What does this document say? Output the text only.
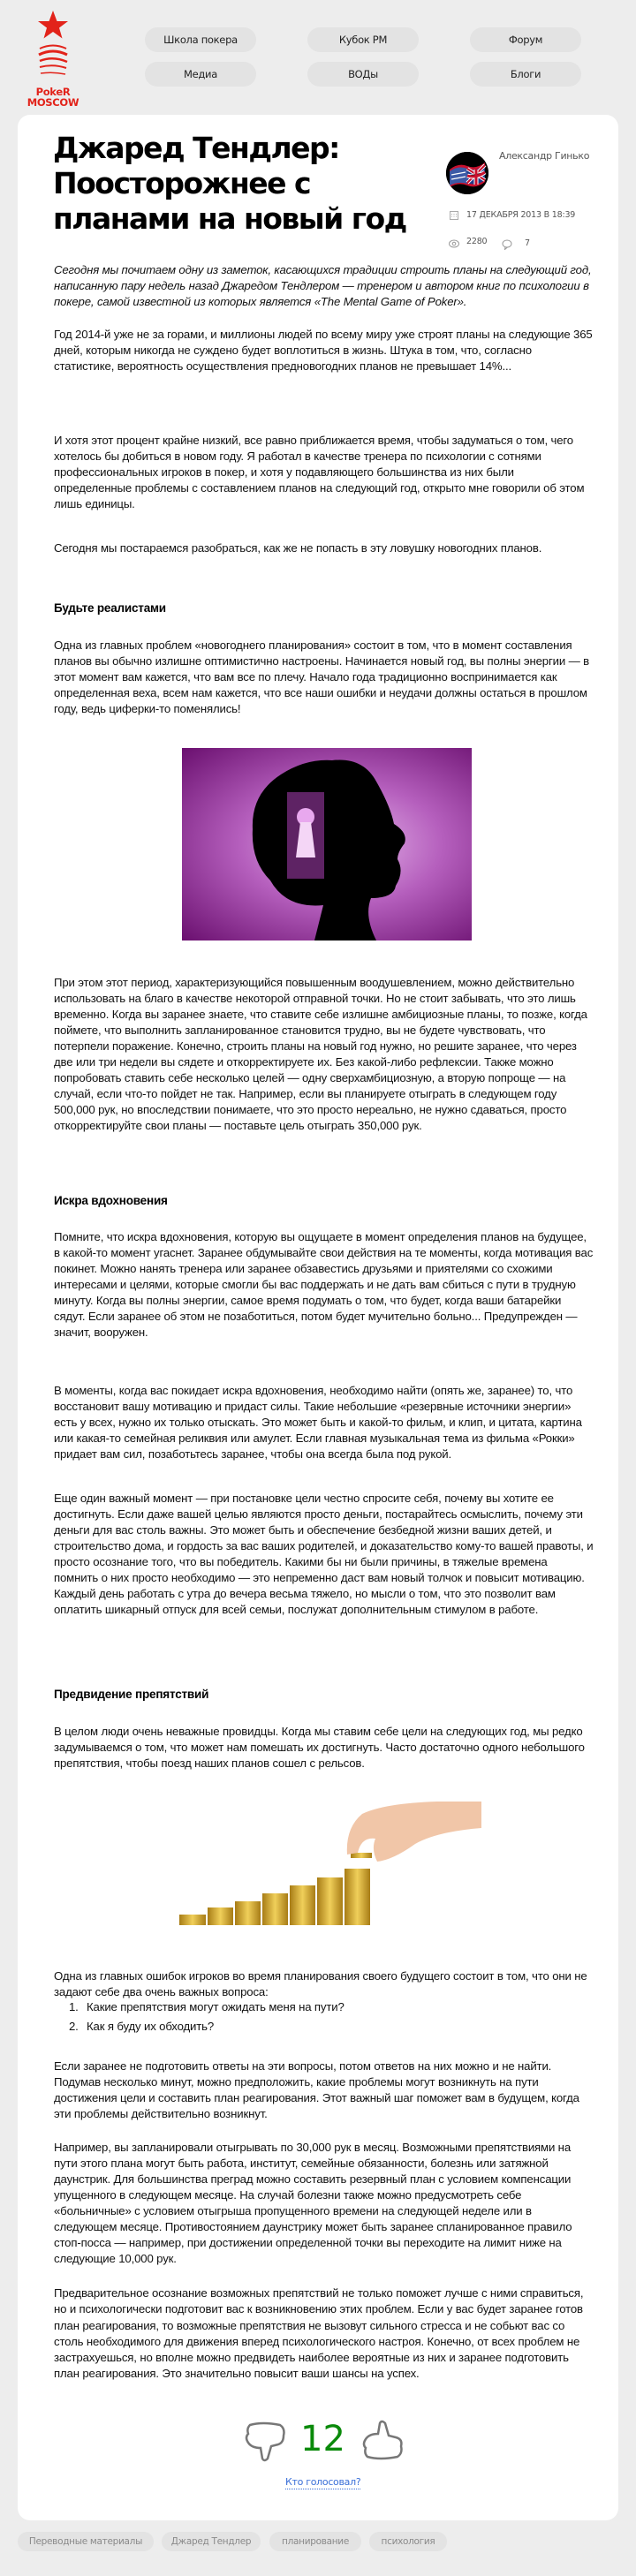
PokeR
MOSCOW
Школа покера	Кубок PM	Форум
Медиа	ВОДы	Блоги
Джаред Тендлер: Поосторожнее с планами на новый год
Александр Гинько
17 ДЕКАБРЯ 2013 В 18:39
2280	7

Сегодня мы почитаем одну из заметок, касающихся традиции строить планы на следующий год, написанную пару недель назад Джаредом Тендлером — тренером и автором книг по психологии в покере, самой известной из которых является «The Mental Game of Poker».

Год 2014-й уже не за горами, и миллионы людей по всему миру уже строят планы на следующие 365 дней, которым никогда не суждено будет воплотиться в жизнь. Штука в том, что, согласно статистике, вероятность осуществления предновогодних планов не превышает 14%...

И хотя этот процент крайне низкий, все равно приближается время, чтобы задуматься о том, чего хотелось бы добиться в новом году. Я работал в качестве тренера по психологии с сотнями профессиональных игроков в покер, и хотя у подавляющего большинства из них были определенные проблемы с составлением планов на следующий год, открыто мне говорили об этом лишь единицы.

Сегодня мы постараемся разобраться, как же не попасть в эту ловушку новогодних планов.

Будьте реалистами

Одна из главных проблем «новогоднего планирования» состоит в том, что в момент составления планов вы обычно излишне оптимистично настроены. Начинается новый год, вы полны энергии — в этот момент вам кажется, что вам все по плечу. Начало года традиционно воспринимается как определенная веха, всем нам кажется, что все наши ошибки и неудачи должны остаться в прошлом году, ведь циферки-то поменялись!

При этом этот период, характеризующийся повышенным воодушевлением, можно действительно использовать на благо в качестве некоторой отправной точки. Но не стоит забывать, что это лишь временно. Когда вы заранее знаете, что ставите себе излишне амбициозные планы, то позже, когда поймете, что выполнить запланированное становится трудно, вы не будете чувствовать, что потерпели поражение. Конечно, строить планы на новый год нужно, но решите заранее, что через две или три недели вы сядете и откорректируете их. Без какой-либо рефлексии. Также можно попробовать ставить себе несколько целей — одну сверхамбициозную, а вторую попроще — на случай, если что-то пойдет не так. Например, если вы планируете отыграть в следующем году 500,000 рук, но впоследствии понимаете, что это просто нереально, не нужно сдаваться, просто откорректируйте свои планы — поставьте цель отыграть 350,000 рук.

Искра вдохновения

Помните, что искра вдохновения, которую вы ощущаете в момент определения планов на будущее, в какой-то момент угаснет. Заранее обдумывайте свои действия на те моменты, когда мотивация вас покинет. Можно нанять тренера или заранее обзавестись друзьями и приятелями со схожими интересами и целями, которые смогли бы вас поддержать и не дать вам сбиться с пути в трудную минуту. Когда вы полны энергии, самое время подумать о том, что будет, когда ваши батарейки сядут. Если заранее об этом не позаботиться, потом будет мучительно больно... Предупрежден — значит, вооружен.

В моменты, когда вас покидает искра вдохновения, необходимо найти (опять же, заранее) то, что восстановит вашу мотивацию и придаст силы. Такие небольшие «резервные источники энергии» есть у всех, нужно их только отыскать. Это может быть и какой-то фильм, и клип, и цитата, картина или какая-то семейная реликвия или амулет. Если главная музыкальная тема из фильма «Рокки» придает вам сил, позаботьтесь заранее, чтобы она всегда была под рукой.

Еще один важный момент — при постановке цели честно спросите себя, почему вы хотите ее достигнуть. Если даже вашей целью являются просто деньги, постарайтесь осмыслить, почему эти деньги для вас столь важны. Это может быть и обеспечение безбедной жизни ваших детей, и строительство дома, и гордость за вас ваших родителей, и доказательство кому-то вашей правоты, и просто осознание того, что вы победитель. Какими бы ни были причины, в тяжелые времена помнить о них просто необходимо — это непременно даст вам новый толчок и повысит мотивацию. Каждый день работать с утра до вечера весьма тяжело, но мысли о том, что это позволит вам оплатить шикарный отпуск для всей семьи, послужат дополнительным стимулом в работе.

Предвидение препятствий

В целом люди очень неважные провидцы. Когда мы ставим себе цели на следующих год, мы редко задумываемся о том, что может нам помешать их достигнуть. Часто достаточно одного небольшого препятствия, чтобы поезд наших планов сошел с рельсов.

Одна из главных ошибок игроков во время планирования своего будущего состоит в том, что они не задают себе два очень важных вопроса:

1. Какие препятствия могут ожидать меня на пути?
2. Как я буду их обходить?

Если заранее не подготовить ответы на эти вопросы, потом ответов на них можно и не найти. Подумав несколько минут, можно предположить, какие проблемы могут возникнуть на пути достижения цели и составить план реагирования. Этот важный шаг поможет вам в будущем, когда эти проблемы действительно возникнут.

Например, вы запланировали отыгрывать по 30,000 рук в месяц. Возможными препятствиями на пути этого плана могут быть работа, институт, семейные обязанности, болезнь или затяжной даунстрик. Для большинства преград можно составить резервный план с условием компенсации упущенного в следующем месяце. На случай болезни также можно предусмотреть себе «больничные» с условием отыгрыша пропущенного времени на следующей неделе или в следующем месяце. Противостоянием даунстрику может быть заранее спланированное правило стоп-посса — например, при достижении определенной точки вы переходите на лимит ниже на следующие 10,000 рук.

Предварительное осознание возможных препятствий не только поможет лучше с ними справиться, но и психологически подготовит вас к возникновению этих проблем. Если у вас будет заранее готов план реагирования, то возможные препятствия не вызовут сильного стресса и не собьют вас со столь необходимого для движения вперед психологического настроя. Конечно, от всех проблем не застрахуешься, но вполне можно предвидеть наиболее вероятные из них и заранее подготовить план реагирования. Это значительно повысит ваши шансы на успех.

12
Кто голосовал?
Переводные материалы	Джаред Тендлер	планирование	психология
